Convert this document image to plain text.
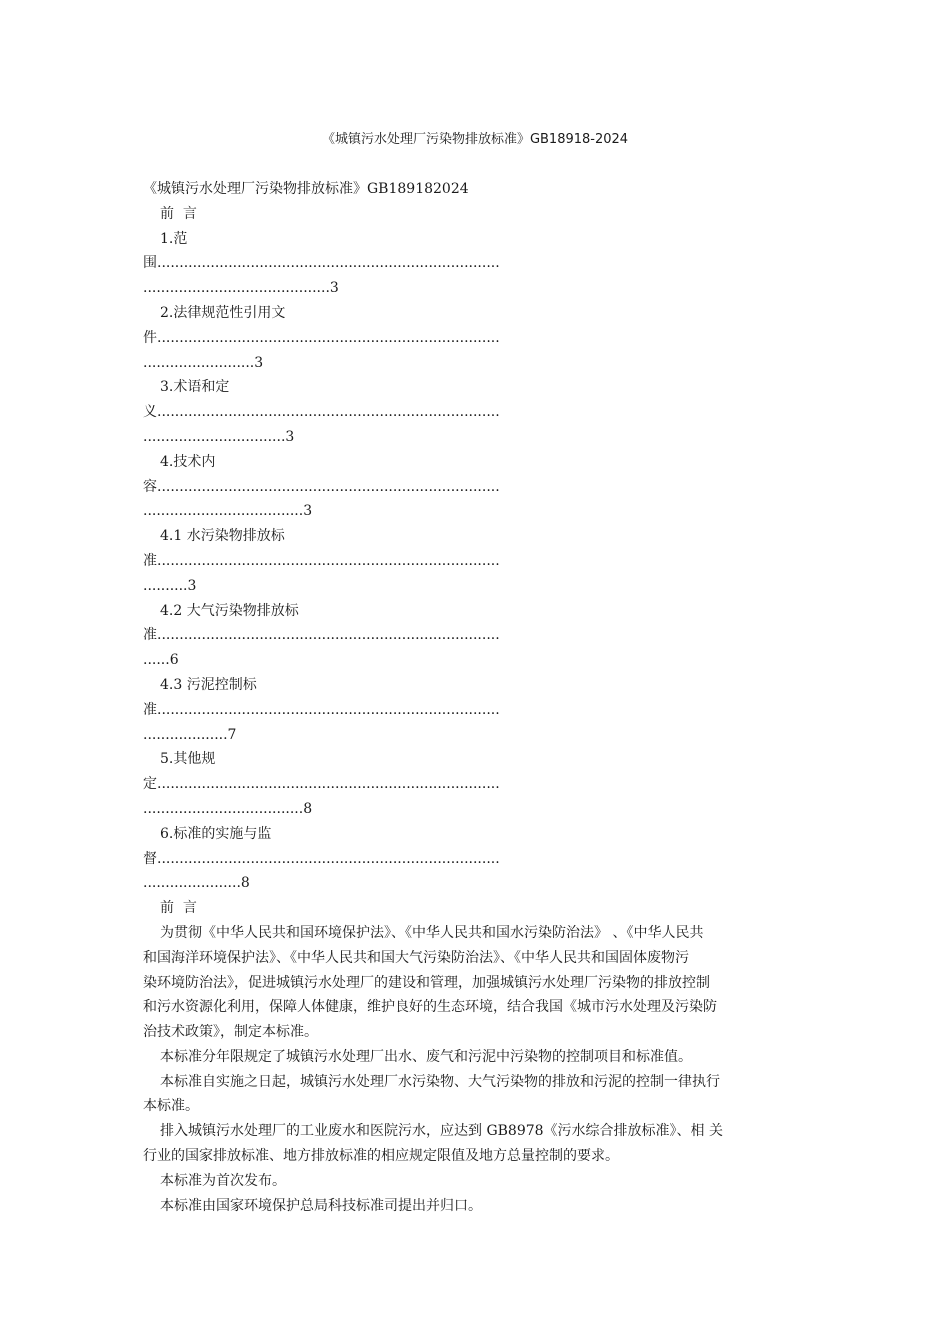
《城镇污水处理厂污染物排放标准》GB18918-2024

《城镇污水处理厂污染物排放标准》GB189182024

前  言

1.范

围.............................................................................

..........................................3

2.法律规范性引用文

件.............................................................................

.........................3

3.术语和定

义.............................................................................

................................3

4.技术内

容.............................................................................

....................................3

4.1 水污染物排放标

准.............................................................................

..........3

4.2 大气污染物排放标

准.............................................................................

......6

4.3 污泥控制标

准.............................................................................

...................7

5.其他规

定.............................................................................

....................................8

6.标准的实施与监

督.............................................................................

......................8

前  言

为贯彻《中华人民共和国环境保护法》、《中华人民共和国水污染防治法》 、《中华人民共

和国海洋环境保护法》、《中华人民共和国大气污染防治法》、《中华人民共和国固体废物污

染环境防治法》，促进城镇污水处理厂的建设和管理，加强城镇污水处理厂污染物的排放控制

和污水资源化利用，保障人体健康，维护良好的生态环境，结合我国《城市污水处理及污染防

治技术政策》，制定本标准。

本标准分年限规定了城镇污水处理厂出水、废气和污泥中污染物的控制项目和标准值。

本标准自实施之日起，城镇污水处理厂水污染物、大气污染物的排放和污泥的控制一律执行

本标准。

排入城镇污水处理厂的工业废水和医院污水，应达到 GB8978《污水综合排放标准》、相 关

行业的国家排放标准、地方排放标准的相应规定限值及地方总量控制的要求。

本标准为首次发布。

本标准由国家环境保护总局科技标准司提出并归口。
